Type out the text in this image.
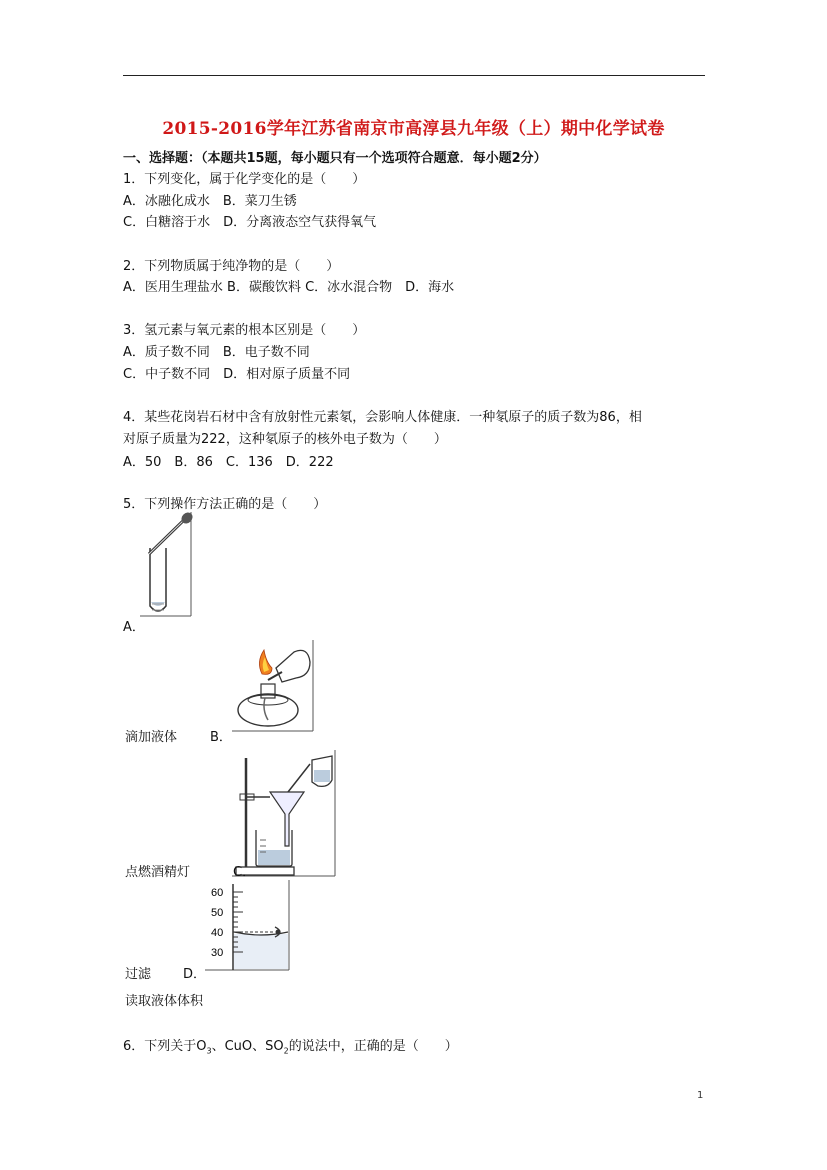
2015-2016学年江苏省南京市高淳县九年级（上）期中化学试卷
一、选择题：（本题共15题，每小题只有一个选项符合题意．每小题2分）
1．下列变化，属于化学变化的是（　　）
A．冰融化成水　B．菜刀生锈
C．白糖溶于水　D．分离液态空气获得氧气
2．下列物质属于纯净物的是（　　）
A．医用生理盐水 B．碳酸饮料 C．冰水混合物　D．海水
3．氢元素与氧元素的根本区别是（　　）
A．质子数不同　B．电子数不同
C．中子数不同　D．相对原子质量不同
4．某些花岗岩石材中含有放射性元素氡，会影响人体健康．一种氡原子的质子数为86，相
对原子质量为222，这种氡原子的核外电子数为（　　）
A．50　B．86　C．136　D．222
5．下列操作方法正确的是（　　）
A．
滴加液体	B．
点燃酒精灯	C．
60
50
40
30
过滤 D．
读取液体体积
6．下列关于$O_3$、CuO、$SO_2$的说法中，正确的是（　　）
1
